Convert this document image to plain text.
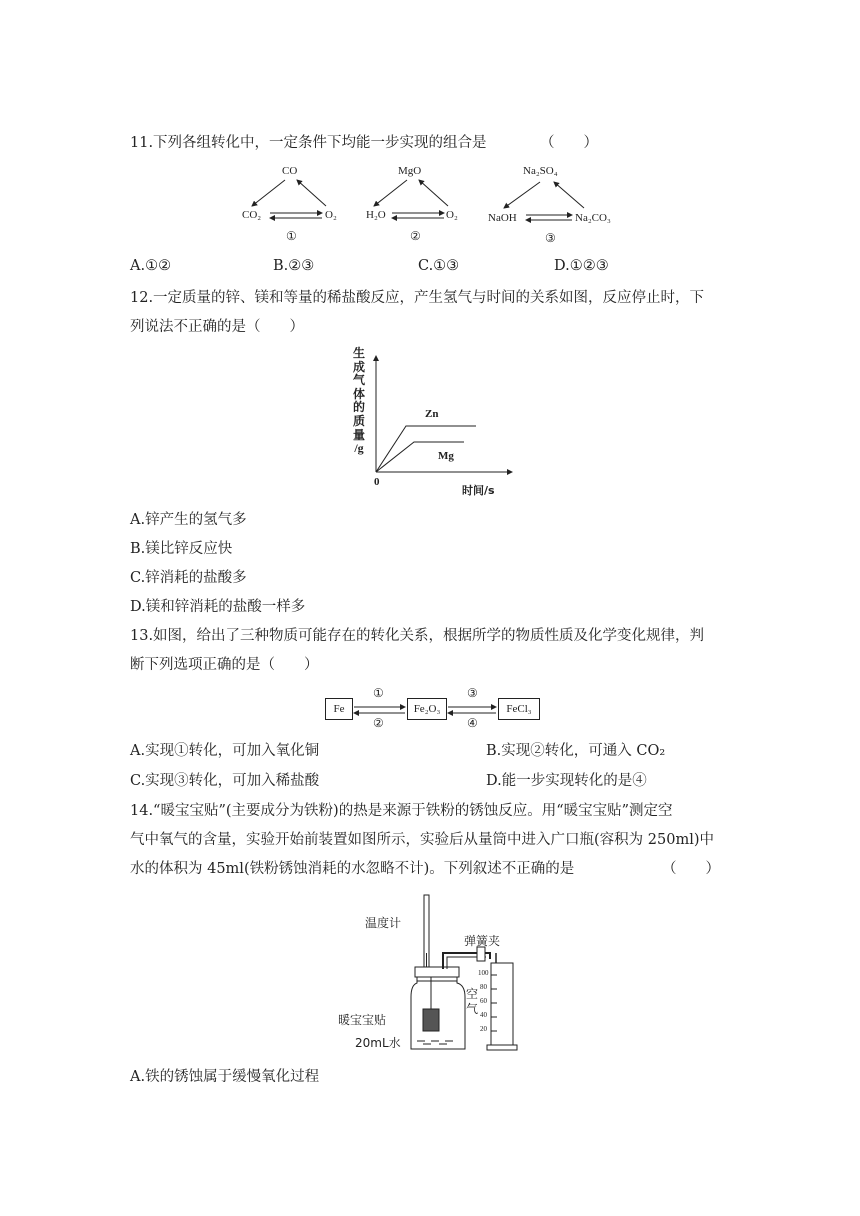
11.下列各组转化中，一定条件下均能一步实现的组合是	（　　）
CO
CO₂	O₂
①
MgO
H₂O	O₂
②
Na₂SO₄
NaOH	Na₂CO₃
③
A.①②	B.②③	C.①③	D.①②③
12.一定质量的锌、镁和等量的稀盐酸反应，产生氢气与时间的关系如图，反应停止时，下
列说法不正确的是（　　）
生
成
气
体
的
质
量
/g
Zn
Mg
0
时间/s
A.锌产生的氢气多
B.镁比锌反应快
C.锌消耗的盐酸多
D.镁和锌消耗的盐酸一样多
13.如图，给出了三种物质可能存在的转化关系，根据所学的物质性质及化学变化规律，判
断下列选项正确的是（　　）
Fe	Fe₂O₃	FeCl₃
①
②
③
④
A.实现①转化，可加入氧化铜	B.实现②转化，可通入 CO₂
C.实现③转化，可加入稀盐酸	D.能一步实现转化的是④
14.“暖宝宝贴”(主要成分为铁粉)的热是来源于铁粉的锈蚀反应。用“暖宝宝贴”测定空
气中氧气的含量，实验开始前装置如图所示，实验后从量筒中进入广口瓶(容积为 250ml)中
水的体积为 45ml(铁粉锈蚀消耗的水忽略不计)。下列叙述不正确的是	（　　）
温度计
弹簧夹
空
气
暖宝宝贴
20mL水
100
80
60
40
20
A.铁的锈蚀属于缓慢氧化过程
